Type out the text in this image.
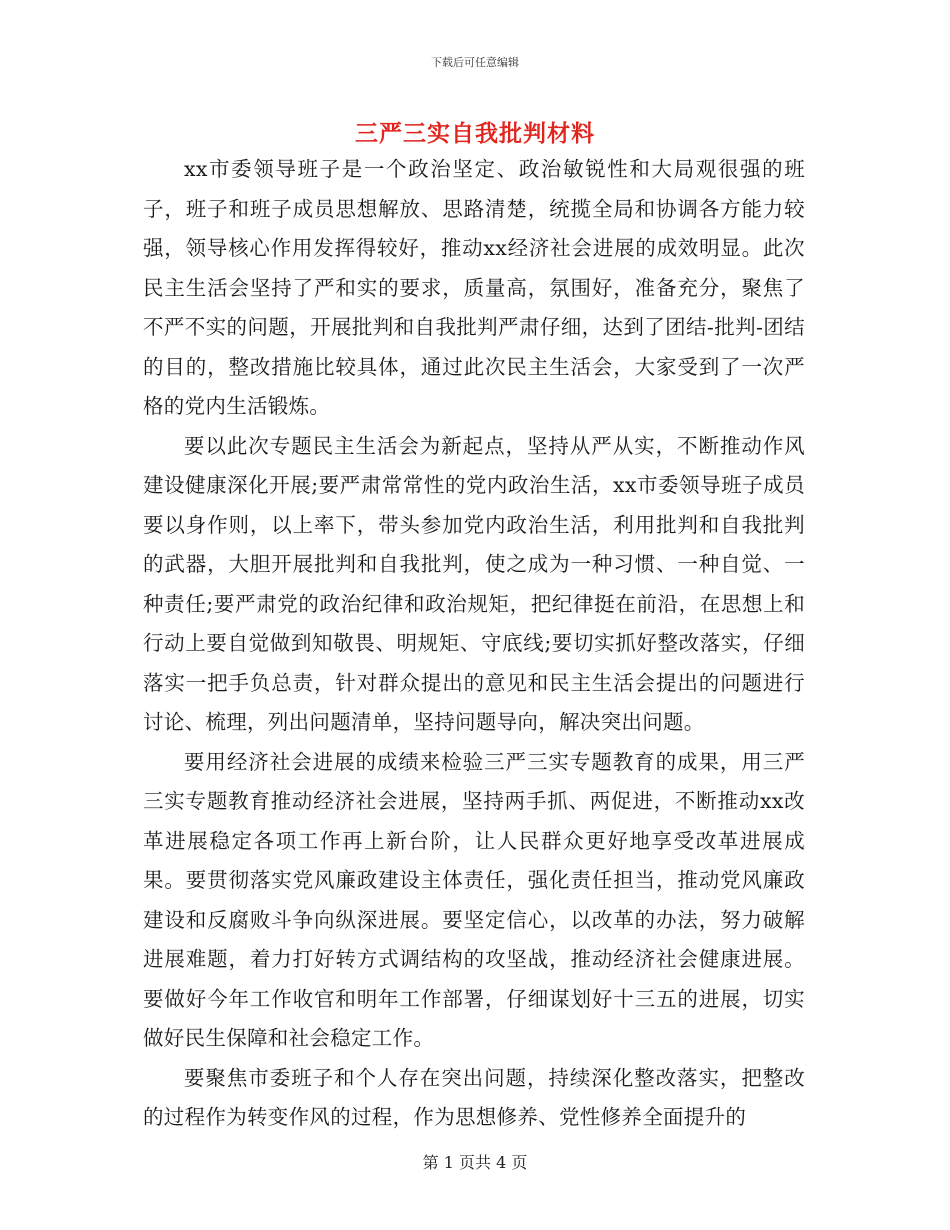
下载后可任意编辑
三严三实自我批判材料

xx市委领导班子是一个政治坚定、政治敏锐性和大局观很强的班子，班子和班子成员思想解放、思路清楚，统揽全局和协调各方能力较强，领导核心作用发挥得较好，推动xx经济社会进展的成效明显。此次民主生活会坚持了严和实的要求，质量高，氛围好，准备充分，聚焦了不严不实的问题，开展批判和自我批判严肃仔细，达到了团结-批判-团结的目的，整改措施比较具体，通过此次民主生活会，大家受到了一次严格的党内生活锻炼。

要以此次专题民主生活会为新起点，坚持从严从实，不断推动作风建设健康深化开展;要严肃常常性的党内政治生活，xx市委领导班子成员要以身作则，以上率下，带头参加党内政治生活，利用批判和自我批判的武器，大胆开展批判和自我批判，使之成为一种习惯、一种自觉、一种责任;要严肃党的政治纪律和政治规矩，把纪律挺在前沿，在思想上和行动上要自觉做到知敬畏、明规矩、守底线;要切实抓好整改落实，仔细落实一把手负总责，针对群众提出的意见和民主生活会提出的问题进行讨论、梳理，列出问题清单，坚持问题导向，解决突出问题。

要用经济社会进展的成绩来检验三严三实专题教育的成果，用三严三实专题教育推动经济社会进展，坚持两手抓、两促进，不断推动xx改革进展稳定各项工作再上新台阶，让人民群众更好地享受改革进展成果。要贯彻落实党风廉政建设主体责任，强化责任担当，推动党风廉政建设和反腐败斗争向纵深进展。要坚定信心，以改革的办法，努力破解进展难题，着力打好转方式调结构的攻坚战，推动经济社会健康进展。要做好今年工作收官和明年工作部署，仔细谋划好十三五的进展，切实做好民生保障和社会稳定工作。

要聚焦市委班子和个人存在突出问题，持续深化整改落实，把整改的过程作为转变作风的过程，作为思想修养、党性修养全面提升的

第 1 页共 4 页
